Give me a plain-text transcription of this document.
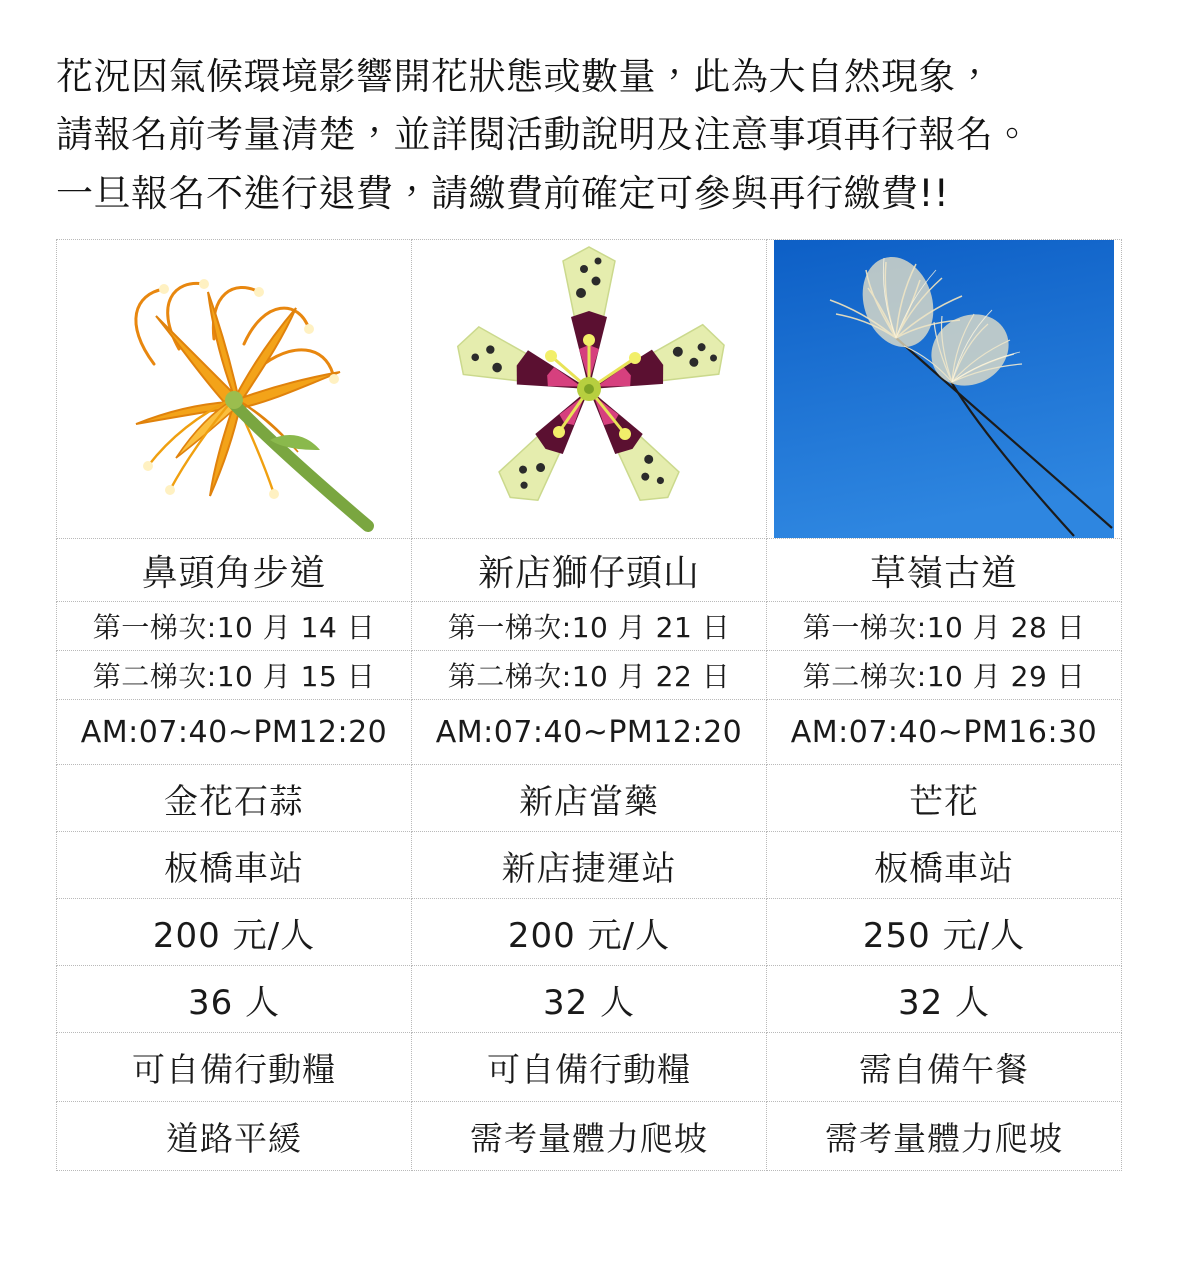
花況因氣候環境影響開花狀態或數量，此為大自然現象，
請報名前考量清楚，並詳閱活動說明及注意事項再行報名。
一旦報名不進行退費，請繳費前確定可參與再行繳費!!

鼻頭角步道	新店獅仔頭山	草嶺古道
第一梯次:10 月 14 日	第一梯次:10 月 21 日	第一梯次:10 月 28 日
第二梯次:10 月 15 日	第二梯次:10 月 22 日	第二梯次:10 月 29 日
AM:07:40~PM12:20	AM:07:40~PM12:20	AM:07:40~PM16:30
金花石蒜	新店當藥	芒花
板橋車站	新店捷運站	板橋車站
200 元/人	200 元/人	250 元/人
36 人	32 人	32 人
可自備行動糧	可自備行動糧	需自備午餐
道路平緩	需考量體力爬坡	需考量體力爬坡
